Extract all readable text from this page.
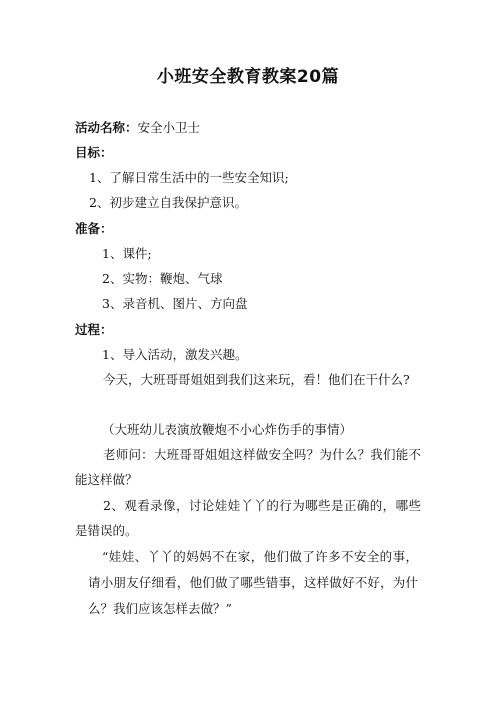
小班安全教育教案20篇
活动名称：安全小卫士
目标：
1、了解日常生活中的一些安全知识;
2、初步建立自我保护意识。
准备：
1、课件;
2、实物：鞭炮、气球
3、录音机、图片、方向盘
过程：
1、导入活动，激发兴趣。
今天，大班哥哥姐姐到我们这来玩，看！他们在干什么?
（大班幼儿表演放鞭炮不小心炸伤手的事情）
老师问：大班哥哥姐姐这样做安全吗？为什么？我们能不能这样做？
2、观看录像，讨论娃娃丫丫的行为哪些是正确的，哪些是错误的。
“娃娃、丫丫的妈妈不在家，他们做了许多不安全的事，请小朋友仔细看，他们做了哪些错事，这样做好不好，为什么？我们应该怎样去做？”
